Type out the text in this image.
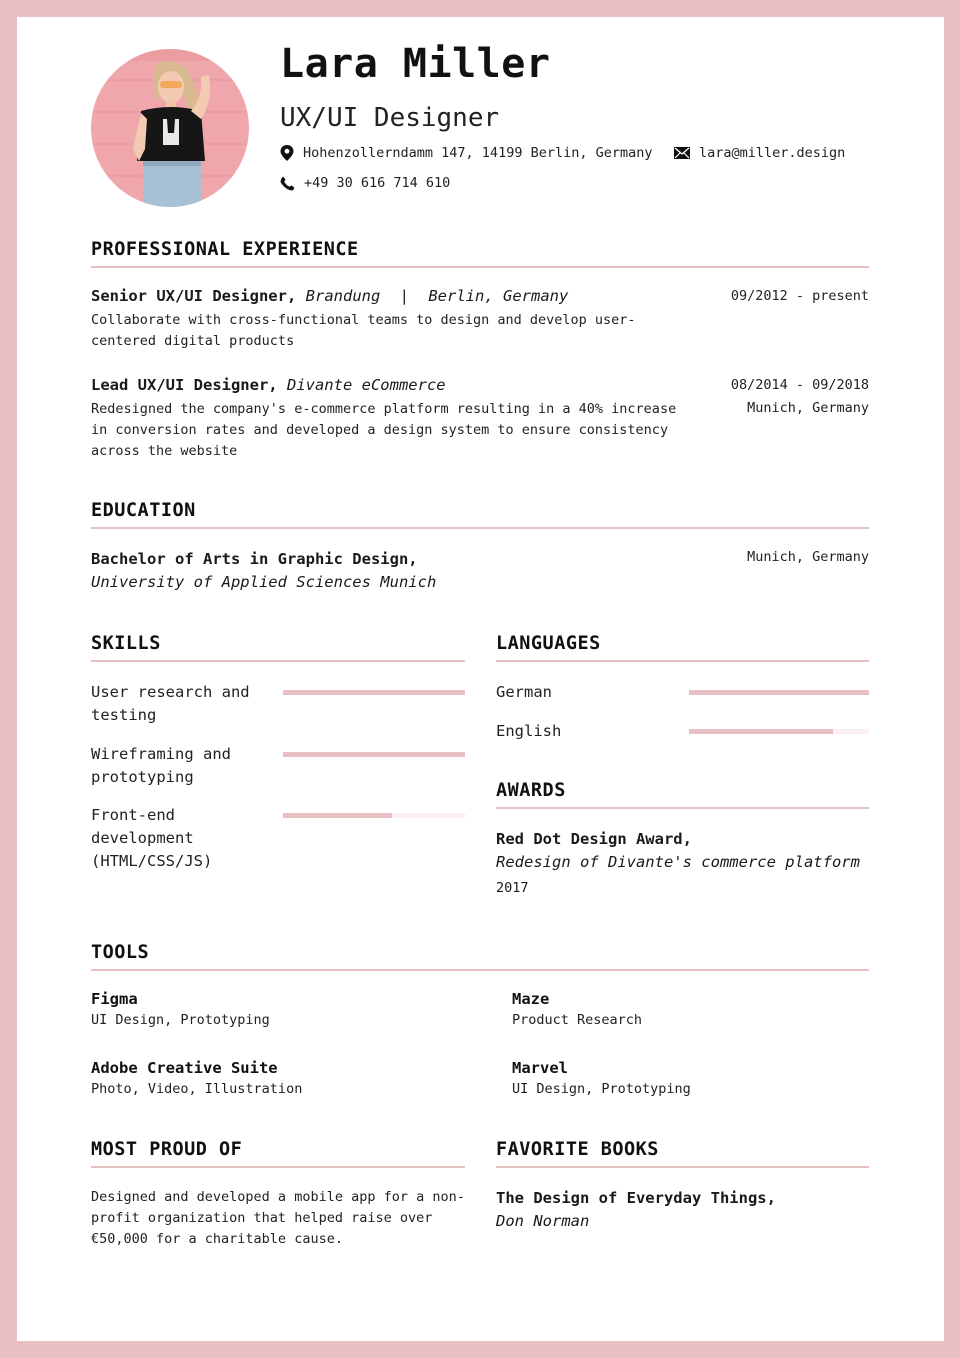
Lara Miller
UX/UI Designer
Hohenzollerndamm 147, 14199 Berlin, Germany	lara@miller.design
+49 30 616 714 610
PROFESSIONAL EXPERIENCE
Senior UX/UI Designer, Brandung | Berlin, Germany	09/2012 - present
Collaborate with cross-functional teams to design and develop user-
centered digital products
Lead UX/UI Designer, Divante eCommerce	08/2014 - 09/2018
Munich, Germany
Redesigned the company's e-commerce platform resulting in a 40% increase
in conversion rates and developed a design system to ensure consistency
across the website
EDUCATION
Bachelor of Arts in Graphic Design,
University of Applied Sciences Munich
Munich, Germany
SKILLS
User research and
testing
Wireframing and
prototyping
Front-end
development
(HTML/CSS/JS)
LANGUAGES
German
English
AWARDS
Red Dot Design Award,
Redesign of Divante's commerce platform
2017
TOOLS
Figma
UI Design, Prototyping
Maze
Product Research
Adobe Creative Suite
Photo, Video, Illustration
Marvel
UI Design, Prototyping
MOST PROUD OF
Designed and developed a mobile app for a non-
profit organization that helped raise over
€50,000 for a charitable cause.
FAVORITE BOOKS
The Design of Everyday Things,
Don Norman
